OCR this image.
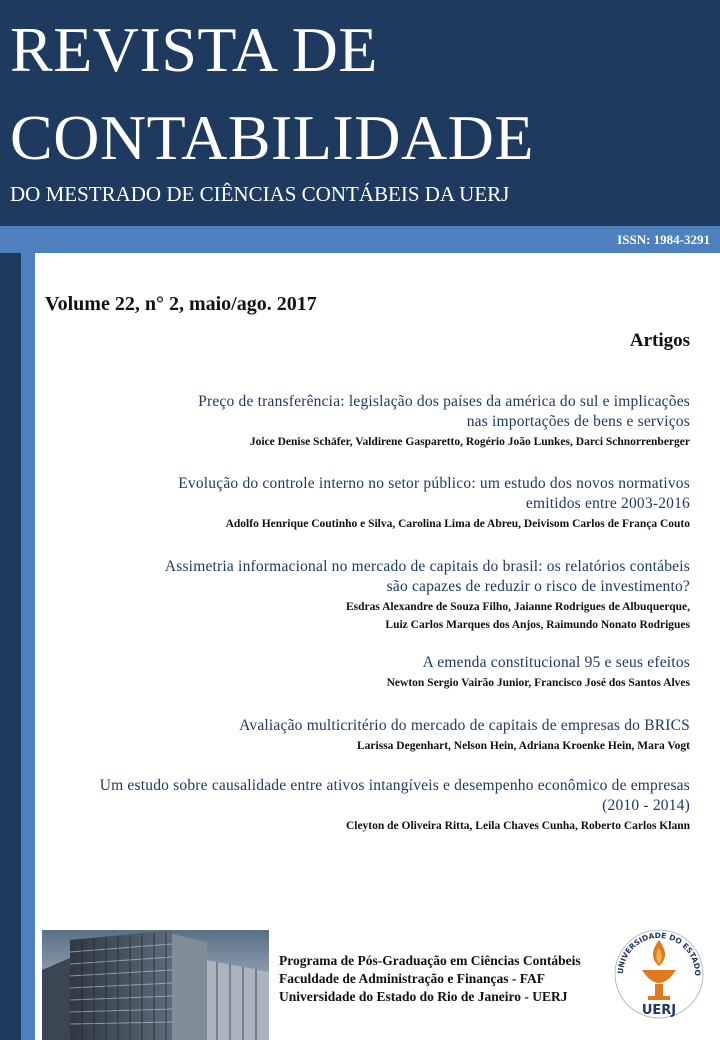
REVISTA DE
CONTABILIDADE
DO MESTRADO DE CIÊNCIAS CONTÁBEIS DA UERJ
ISSN: 1984-3291
Volume 22, n° 2, maio/ago. 2017
Artigos
Preço de transferência: legislação dos países da américa do sul e implicações
nas importações de bens e serviços
Joice Denise Schäfer, Valdirene Gasparetto, Rogério João Lunkes, Darci Schnorrenberger
Evolução do controle interno no setor público: um estudo dos novos normativos
emitidos entre 2003-2016
Adolfo Henrique Coutinho e Silva, Carolina Lima de Abreu, Deivisom Carlos de França Couto
Assimetria informacional no mercado de capitais do brasil: os relatórios contábeis
são capazes de reduzir o risco de investimento?
Esdras Alexandre de Souza Filho, Jaianne Rodrigues de Albuquerque,
Luiz Carlos Marques dos Anjos, Raimundo Nonato Rodrigues
A emenda constitucional 95 e seus efeitos
Newton Sergio Vairão Junior, Francisco José dos Santos Alves
Avaliação multicritério do mercado de capitais de empresas do BRICS
Larissa Degenhart, Nelson Hein, Adriana Kroenke Hein, Mara Vogt
Um estudo sobre causalidade entre ativos intangíveis e desempenho econômico de empresas
(2010 - 2014)
Cleyton de Oliveira Ritta, Leila Chaves Cunha, Roberto Carlos Klann
Programa de Pós-Graduação em Ciências Contábeis
Faculdade de Administração e Finanças - FAF
Universidade do Estado do Rio de Janeiro - UERJ
UNIVERSIDADE DO ESTADO
UERJ
